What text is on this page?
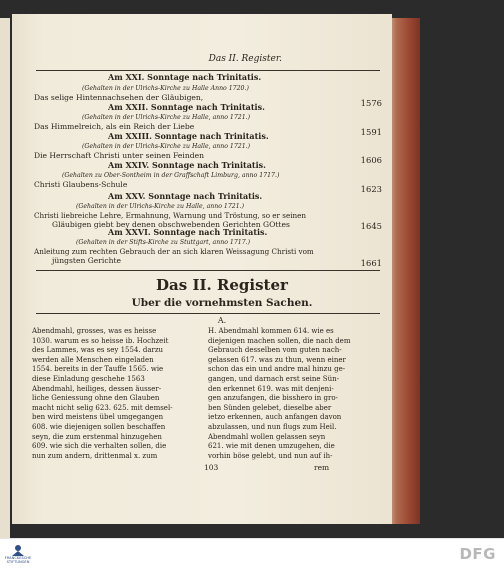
Das II. Register.
Am XXI. Sonntage nach Trinitatis.
(Gehalten in der Ulrichs-Kirche zu Halle Anno 1720.)
Das selige Hintennachsehen der Gläubigen,
1576
Am XXII. Sonntage nach Trinitatis.
(Gehalten in der Ulrichs-Kirche zu Halle, anno 1721.)
Das Himmelreich, als ein Reich der Liebe
1591
Am XXIII. Sonntage nach Trinitatis.
(Gehalten in der Ulrichs-Kirche zu Halle, anno 1721.)
Die Herrschaft Christi unter seinen Feinden	1606
Am XXIV. Sonntage nach Trinitatis.
(Gehalten zu Ober-Sontheim in der Graffschaft Limburg, anno 1717.)
Christi Glaubens-Schule	1623
Am XXV. Sonntage nach Trinitatis.
(Gehalten in der Ulrichs-Kirche zu Halle, anno 1721.)
Christi liebreiche Lehre, Ermahnung, Warnung und Tröstung, so er seinen
Gläubigen giebt bey denen obschwebenden Gerichten GOttes	1645
Am XXVI. Sonntage nach Trinitatis.
(Gehalten in der Stifts-Kirche zu Stuttgart, anno 1717.)
Anleitung zum rechten Gebrauch der an sich klaren Weissagung Christi vom
jüngsten Gerichte	1661
Das II. Register
Uber die vornehmsten Sachen.
A.
Abendmahl, grosses, was es heisse
1030. warum es so heisse ib. Hochzeit
des Lammes, was es sey 1554. darzu
werden alle Menschen eingeladen
1554. bereits in der Tauffe 1565. wie
diese Einladung geschehe 1563
Abendmahl, heiliges, dessen äusser-
liche Geniessung ohne den Glauben
macht nicht selig 623. 625. mit demsel-
ben wird meistens übel umgegangen
608. wie diejenigen sollen beschaffen
seyn, die zum erstenmal hinzugehen
609. wie sich die verhalten sollen, die
nun zum andern, drittenmal x. zum
H. Abendmahl kommen 614. wie es
diejenigen machen sollen, die nach dem
Gebrauch desselben vom guten nach-
gelassen 617. was zu thun, wenn einer
schon das ein und andre mal hinzu ge-
gangen, und darnach erst seine Sün-
den erkennet 619. was mit denjeni-
gen anzufangen, die bisshero in gro-
ben Sünden gelebet, dieselbe aber
ietzo erkennen, auch anfangen davon
abzulassen, und nun flugs zum Heil.
Abendmahl wollen gelassen seyn
621. wie mit denen umzugehen, die
vorhin böse gelebt, und nun auf ih-
103	rem
FRANCKESCHE STIFTUNGEN	DFG
